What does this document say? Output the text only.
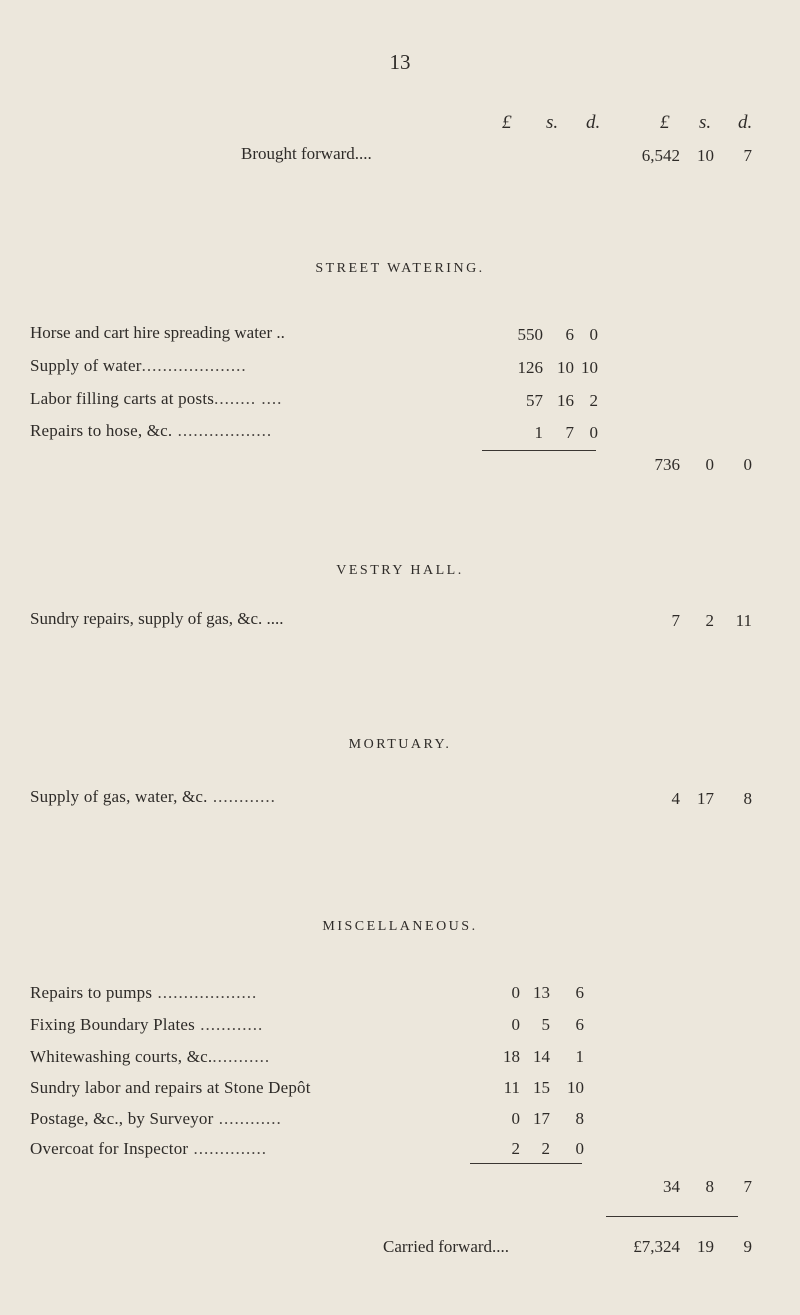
13
£ s. d.	£ s. d.
Brought forward....	6,542	10	7
STREET WATERING.
Horse and cart hire spreading water ..	550	6 0
Supply of water....................	126 10 10
Labor filling carts at posts........ ....	57 16 2
Repairs to hose, &c. ..................	1	7 0
736	0	0
VESTRY HALL.
Sundry repairs, supply of gas, &c. ....	7	2	11
MORTUARY.
Supply of gas, water, &c. ............	4	17	8
MISCELLANEOUS.
Repairs to pumps ...................	0 13	6
Fixing Boundary Plates ............	0	5	6
Whitewashing courts, &c............	18 14	1
Sundry labor and repairs at Stone Depôt	11 15	10
Postage, &c., by Surveyor ............	0 17	8
Overcoat for Inspector ..............	2	2	0
34	8	7
Carried forward....	£7,324	19	9
